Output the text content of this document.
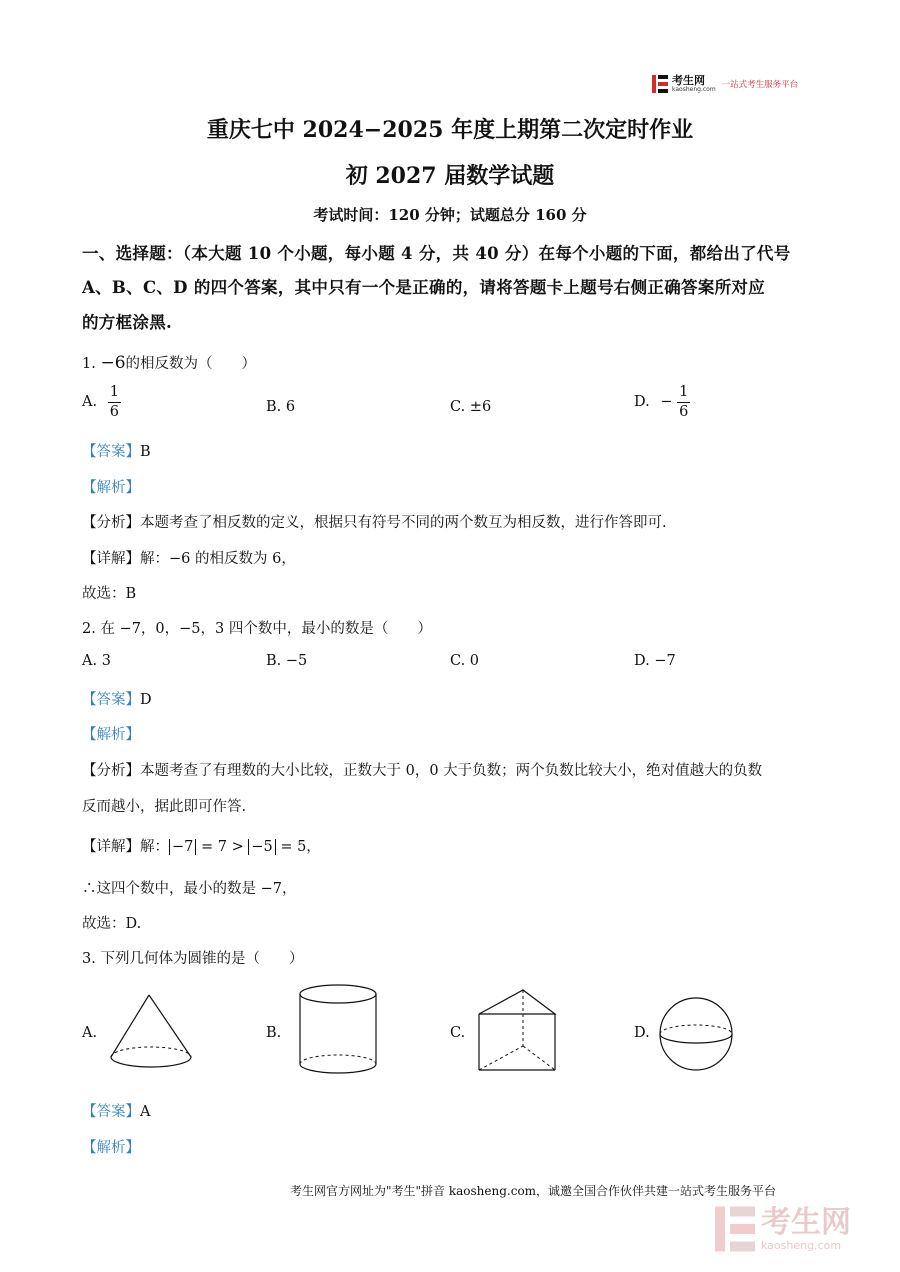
考生网
kaosheng.com 一站式考生服务平台
重庆七中 2024−2025 年度上期第二次定时作业
初 2027 届数学试题
考试时间：120 分钟；试题总分 160 分
一、选择题：（本大题 10 个小题，每小题 4 分，共 40 分）在每个小题的下面，都给出了代号
A、B、C、D 的四个答案，其中只有一个是正确的，请将答题卡上题号右侧正确答案所对应
的方框涂黑.
1. −6的相反数为（　　）
A. $\frac{1}{6}$	B. 6	C. ±6	D. − $\frac{1}{6}$
【答案】B
【解析】
【分析】本题考查了相反数的定义，根据只有符号不同的两个数互为相反数，进行作答即可.
【详解】解：−6 的相反数为 6，
故选：B
2. 在 −7，0，−5，3 四个数中，最小的数是（　　）
A. 3	B. −5	C. 0	D. −7
【答案】D
【解析】
【分析】本题考查了有理数的大小比较，正数大于 0，0 大于负数；两个负数比较大小，绝对值越大的负数
反而越小，据此即可作答.
【详解】解： −7 = 7 > −5 = 5，
∴这四个数中，最小的数是 −7，
故选：D.
3. 下列几何体为圆锥的是（　　）
A.	B.	C.	D.
【答案】A
【解析】
考生网官方网址为"考生"拼音 kaosheng.com，诚邀全国合作伙伴共建一站式考生服务平台
考生网
kaosheng.com
